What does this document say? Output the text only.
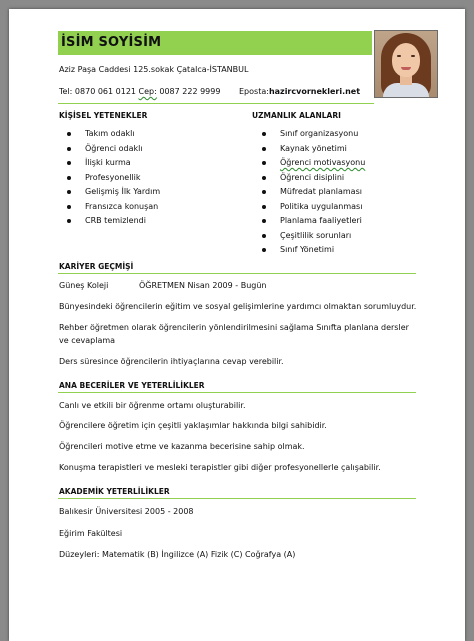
İSİM SOYİSİM
Aziz Paşa Caddesi 125.sokak Çatalca-İSTANBUL
Tel: 0870 061 0121 Cep: 0087 222 9999 Eposta:hazircvornekleri.net
KİŞİSEL YETENEKLER
Takım odaklı
Öğrenci odaklı
İlişki kurma
Profesyonellik
Gelişmiş İlk Yardım
Fransızca konuşan
CRB temizlendi
UZMANLIK ALANLARI
Sınıf organizasyonu
Kaynak yönetimi
Öğrenci motivasyonu
Öğrenci disiplini
Müfredat planlaması
Politika uygulanması
Planlama faaliyetleri
Çeşitlilik sorunları
Sınıf Yönetimi
KARİYER GEÇMİŞİ
Güneş Koleji	ÖĞRETMEN Nisan 2009 - Bugün
Bünyesindeki öğrencilerin eğitim ve sosyal gelişimlerine yardımcı olmaktan sorumluydur.
Rehber öğretmen olarak öğrencilerin yönlendirilmesini sağlama Sınıfta planlana dersler ve cevaplama
Ders süresince öğrencilerin ihtiyaçlarına cevap verebilir.
ANA BECERİLER VE YETERLİLİKLER
Canlı ve etkili bir öğrenme ortamı oluşturabilir.
Öğrencilere öğretim için çeşitli yaklaşımlar hakkında bilgi sahibidir.
Öğrencileri motive etme ve kazanma becerisine sahip olmak.
Konuşma terapistleri ve mesleki terapistler gibi diğer profesyonellerle çalışabilir.
AKADEMİK YETERLİLİKLER
Balıkesir Üniversitesi 2005 - 2008
Eğirim Fakültesi
Düzeyleri: Matematik (B) İngilizce (A) Fizik (C) Coğrafya (A)
